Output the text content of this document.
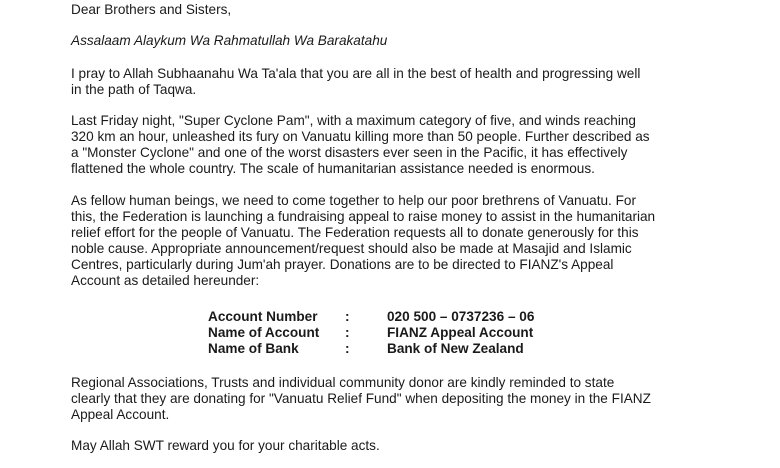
Dear Brothers and Sisters,
Assalaam Alaykum Wa Rahmatullah Wa Barakatahu
I pray to Allah Subhaanahu Wa Ta'ala that you are all in the best of health and progressing well
in the path of Taqwa.
Last Friday night, "Super Cyclone Pam", with a maximum category of five, and winds reaching
320 km an hour, unleashed its fury on Vanuatu killing more than 50 people. Further described as
a "Monster Cyclone" and one of the worst disasters ever seen in the Pacific, it has effectively
flattened the whole country. The scale of humanitarian assistance needed is enormous.
As fellow human beings, we need to come together to help our poor brethrens of Vanuatu. For
this, the Federation is launching a fundraising appeal to raise money to assist in the humanitarian
relief effort for the people of Vanuatu. The Federation requests all to donate generously for this
noble cause. Appropriate announcement/request should also be made at Masajid and Islamic
Centres, particularly during Jum'ah prayer. Donations are to be directed to FIANZ's Appeal
Account as detailed hereunder:
Account Number :	020 500 – 0737236 – 06
Name of Account :	FIANZ Appeal Account
Name of Bank	:	Bank of New Zealand
Regional Associations, Trusts and individual community donor are kindly reminded to state
clearly that they are donating for "Vanuatu Relief Fund" when depositing the money in the FIANZ
Appeal Account.
May Allah SWT reward you for your charitable acts.
